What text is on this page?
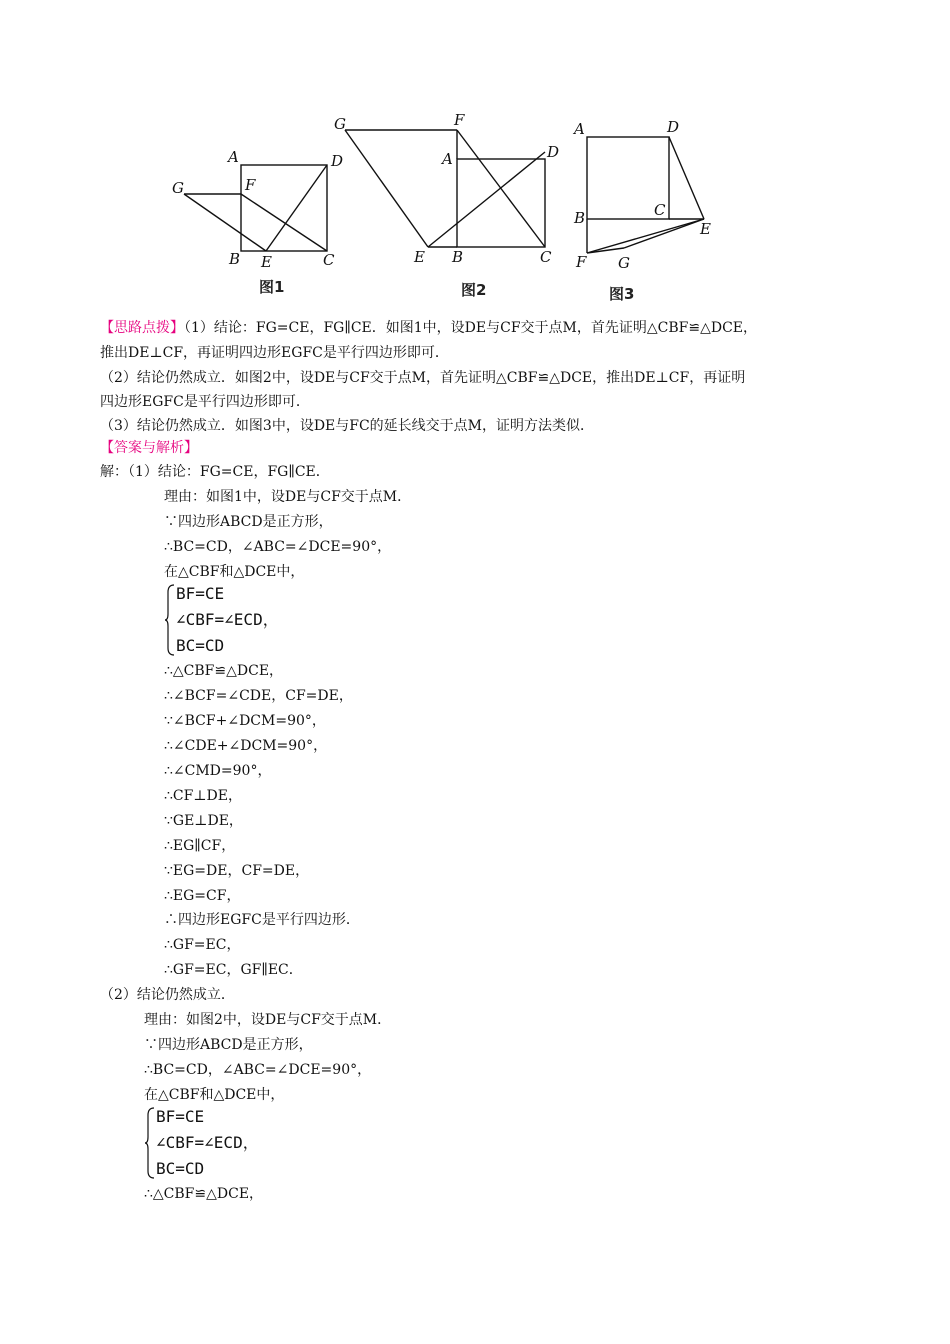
A	D
G	F
B E	C
G	F
A	D
E B	C
A	D
B	C
E
F G
图1	图2	图3
【思路点拨】（1）结论：FG=CE，FG∥CE．如图1中，设DE与CF交于点M，首先证明△CBF≌△DCE，
推出DE⊥CF，再证明四边形EGFC是平行四边形即可．
（2）结论仍然成立．如图2中，设DE与CF交于点M，首先证明△CBF≌△DCE，推出DE⊥CF，再证明
四边形EGFC是平行四边形即可．
（3）结论仍然成立．如图3中，设DE与FC的延长线交于点M，证明方法类似．
【答案与解析】
解：（1）结论：FG=CE，FG∥CE．
理由：如图1中，设DE与CF交于点M．
∵四边形ABCD是正方形，
∴BC=CD，∠ABC=∠DCE=90°，
在△CBF和△DCE中，
BF=CE
∠CBF=∠ECD，
BC=CD
∴△CBF≌△DCE，
∴∠BCF=∠CDE，CF=DE，
∵∠BCF+∠DCM=90°，
∴∠CDE+∠DCM=90°，
∴∠CMD=90°，
∴CF⊥DE，
∵GE⊥DE，
∴EG∥CF，
∵EG=DE，CF=DE，
∴EG=CF，
∴四边形EGFC是平行四边形．
∴GF=EC，
∴GF=EC，GF∥EC．
（2）结论仍然成立．
理由：如图2中，设DE与CF交于点M．
∵四边形ABCD是正方形，
∴BC=CD，∠ABC=∠DCE=90°，
在△CBF和△DCE中，
BF=CE
∠CBF=∠ECD，
BC=CD
∴△CBF≌△DCE，
